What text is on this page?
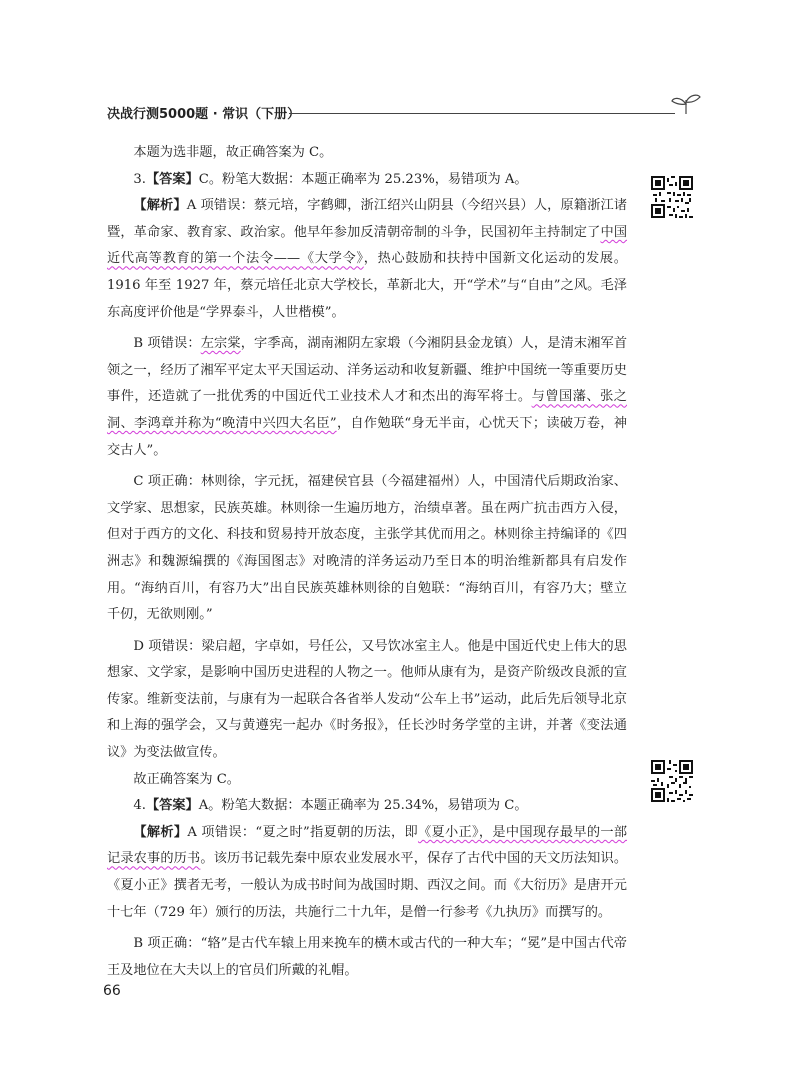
决战行测5000题 · 常识（下册）

本题为选非题，故正确答案为 C。

3.【答案】C。粉笔大数据：本题正确率为 25.23%，易错项为 A。

【解析】A 项错误：蔡元培，字鹤卿，浙江绍兴山阴县（今绍兴县）人，原籍浙江诸暨，革命家、教育家、政治家。他早年参加反清朝帝制的斗争，民国初年主持制定了中国近代高等教育的第一个法令——《大学令》，热心鼓励和扶持中国新文化运动的发展。1916 年至 1927 年，蔡元培任北京大学校长，革新北大，开“学术”与“自由”之风。毛泽东高度评价他是“学界泰斗，人世楷模”。

B 项错误：左宗棠，字季高，湖南湘阴左家塅（今湘阴县金龙镇）人，是清末湘军首领之一，经历了湘军平定太平天国运动、洋务运动和收复新疆、维护中国统一等重要历史事件，还造就了一批优秀的中国近代工业技术人才和杰出的海军将士。与曾国藩、张之洞、李鸿章并称为“晚清中兴四大名臣”，自作勉联“身无半亩，心忧天下；读破万卷，神交古人”。

C 项正确：林则徐，字元抚，福建侯官县（今福建福州）人，中国清代后期政治家、文学家、思想家，民族英雄。林则徐一生遍历地方，治绩卓著。虽在两广抗击西方入侵，但对于西方的文化、科技和贸易持开放态度，主张学其优而用之。林则徐主持编译的《四洲志》和魏源编撰的《海国图志》对晚清的洋务运动乃至日本的明治维新都具有启发作用。“海纳百川，有容乃大”出自民族英雄林则徐的自勉联：“海纳百川，有容乃大；壁立千仞，无欲则刚。”

D 项错误：梁启超，字卓如，号任公，又号饮冰室主人。他是中国近代史上伟大的思想家、文学家，是影响中国历史进程的人物之一。他师从康有为，是资产阶级改良派的宣传家。维新变法前，与康有为一起联合各省举人发动“公车上书”运动，此后先后领导北京和上海的强学会，又与黄遵宪一起办《时务报》，任长沙时务学堂的主讲，并著《变法通议》为变法做宣传。

故正确答案为 C。

4.【答案】A。粉笔大数据：本题正确率为 25.34%，易错项为 C。

【解析】A 项错误：“夏之时”指夏朝的历法，即《夏小正》，是中国现存最早的一部记录农事的历书。该历书记载先秦中原农业发展水平，保存了古代中国的天文历法知识。《夏小正》撰者无考，一般认为成书时间为战国时期、西汉之间。而《大衍历》是唐开元十七年（729 年）颁行的历法，共施行二十九年，是僧一行参考《九执历》而撰写的。

B 项正确：“辂”是古代车辕上用来挽车的横木或古代的一种大车；“冕”是中国古代帝王及地位在大夫以上的官员们所戴的礼帽。

66
